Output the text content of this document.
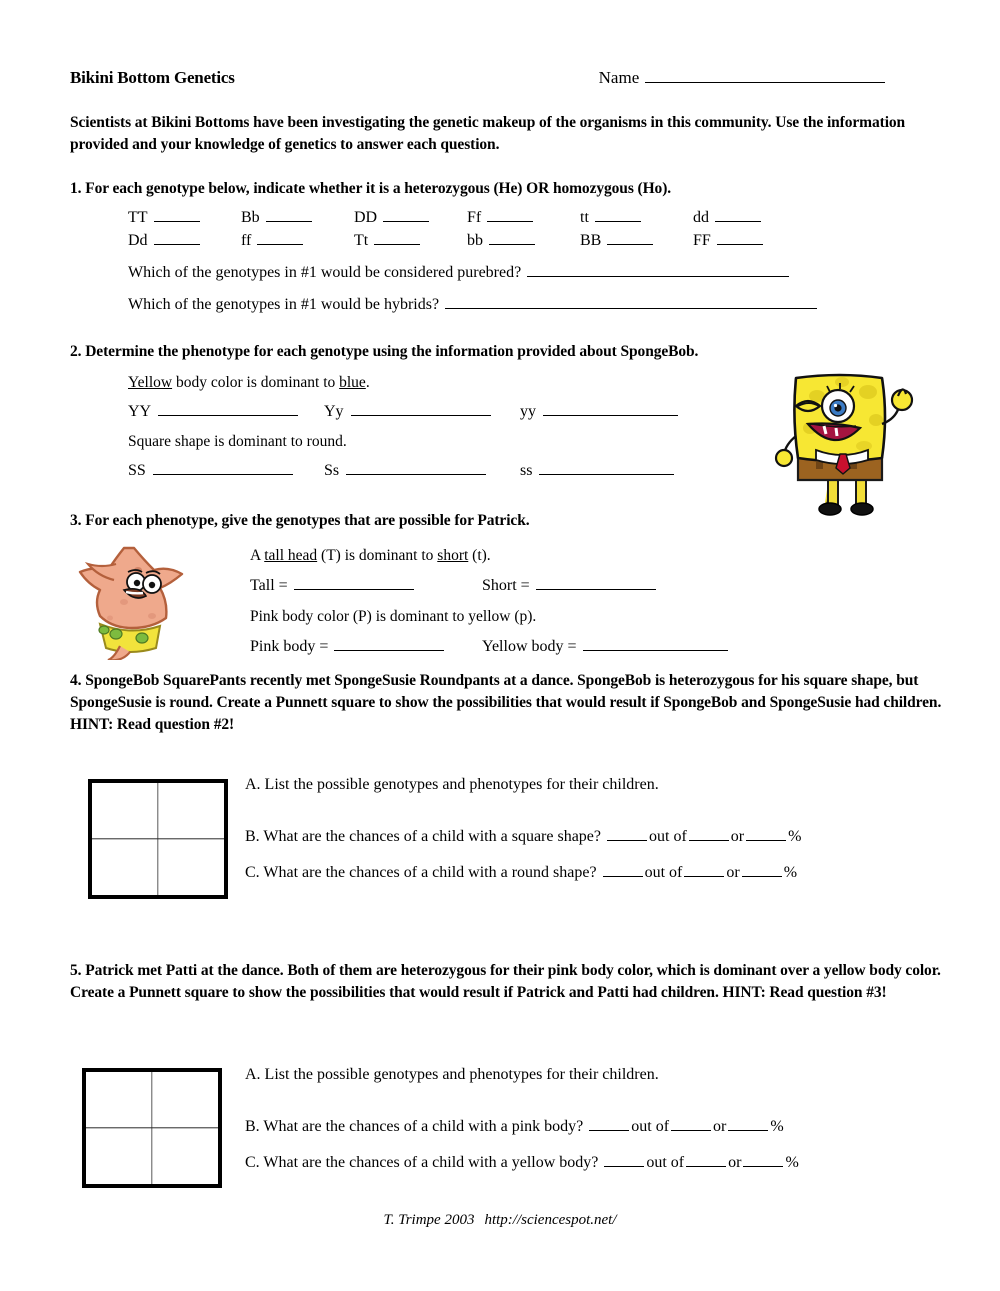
Bikini Bottom Genetics	Name
Scientists at Bikini Bottoms have been investigating the genetic makeup of the organisms in this community. Use the information provided and your knowledge of genetics to answer each question.
1. For each genotype below, indicate whether it is a heterozygous (He) OR homozygous (Ho).
TT	Bb	DD	Ff	tt	dd
Dd	ff	Tt	bb	BB	FF
Which of the genotypes in #1 would be considered purebred?
Which of the genotypes in #1 would be hybrids?
2. Determine the phenotype for each genotype using the information provided about SpongeBob.
Yellow body color is dominant to blue.
YY	Yy	yy
Square shape is dominant to round.
SS	Ss	ss
3. For each phenotype, give the genotypes that are possible for Patrick.
A tall head (T) is dominant to short (t).
Tall =	Short =
Pink body color (P) is dominant to yellow (p).
Pink body =	Yellow body =
4. SpongeBob SquarePants recently met SpongeSusie Roundpants at a dance. SpongeBob is heterozygous for his square shape, but SpongeSusie is round. Create a Punnett square to show the possibilities that would result if SpongeBob and SpongeSusie had children. HINT: Read question #2!
A. List the possible genotypes and phenotypes for their children.
B. What are the chances of a child with a square shape?	out of	or	%
C. What are the chances of a child with a round shape?	out of	or	%
5. Patrick met Patti at the dance. Both of them are heterozygous for their pink body color, which is dominant over a yellow body color. Create a Punnett square to show the possibilities that would result if Patrick and Patti had children. HINT: Read question #3!
A. List the possible genotypes and phenotypes for their children.
B. What are the chances of a child with a pink body?	out of	or	%
C. What are the chances of a child with a yellow body?	out of	or	%
T. Trimpe 2003 http://sciencespot.net/
